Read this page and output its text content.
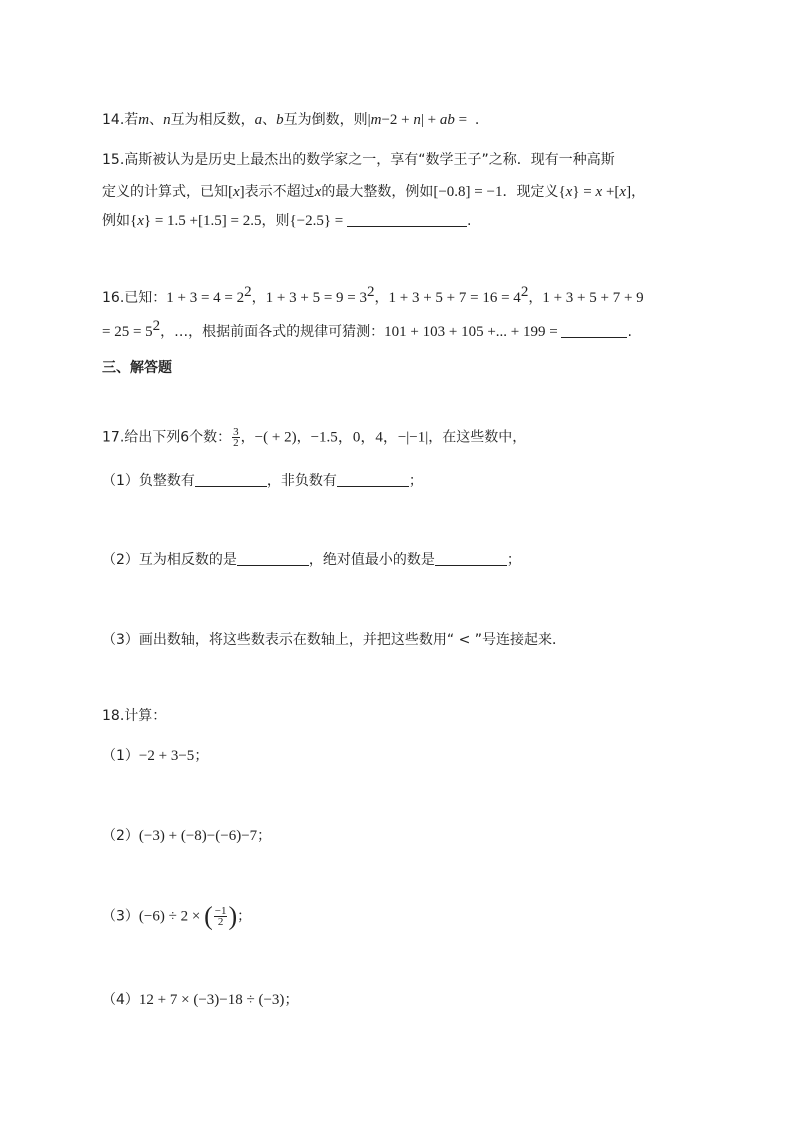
14.若m、n互为相反数，a、b互为倒数，则|m−2 + n| + ab = .
15.高斯被认为是历史上最杰出的数学家之一，享有“数学王子”之称．现有一种高斯
定义的计算式，已知[x]表示不超过x的最大整数，例如[−0.8] = −1．现定义{x} = x +[x]，
例如{x} = 1.5 +[1.5] = 2.5，则{−2.5} =	.
16.已知：$1 + 3 = 4 = 2^2$，$1 + 3 + 5 = 9 = 3^2$，$1 + 3 + 5 + 7 = 16 = 4^2$，1 + 3 + 5 + 7 + 9
= $25 = 5^2$，…，根据前面各式的规律可猜测：101 + 103 + 105 +... + 199 =	.
三、解答题
17.给出下列6个数： $\frac{3}{2}$ ，−( + 2)，−1.5，0，4，−|−1|，在这些数中，
（1）负整数有	，非负数有	；
（2）互为相反数的是	，绝对值最小的数是	；
（3）画出数轴，将这些数表示在数轴上，并把这些数用“ < ”号连接起来．
18.计算：
（1）−2 + 3−5；
（2）(−3) + (−8)−(−6)−7；
（3）(−6) ÷ 2 × ( $\frac{-1}{2}$ )；
（4）12 + 7 × (−3)−18 ÷ (−3)；
